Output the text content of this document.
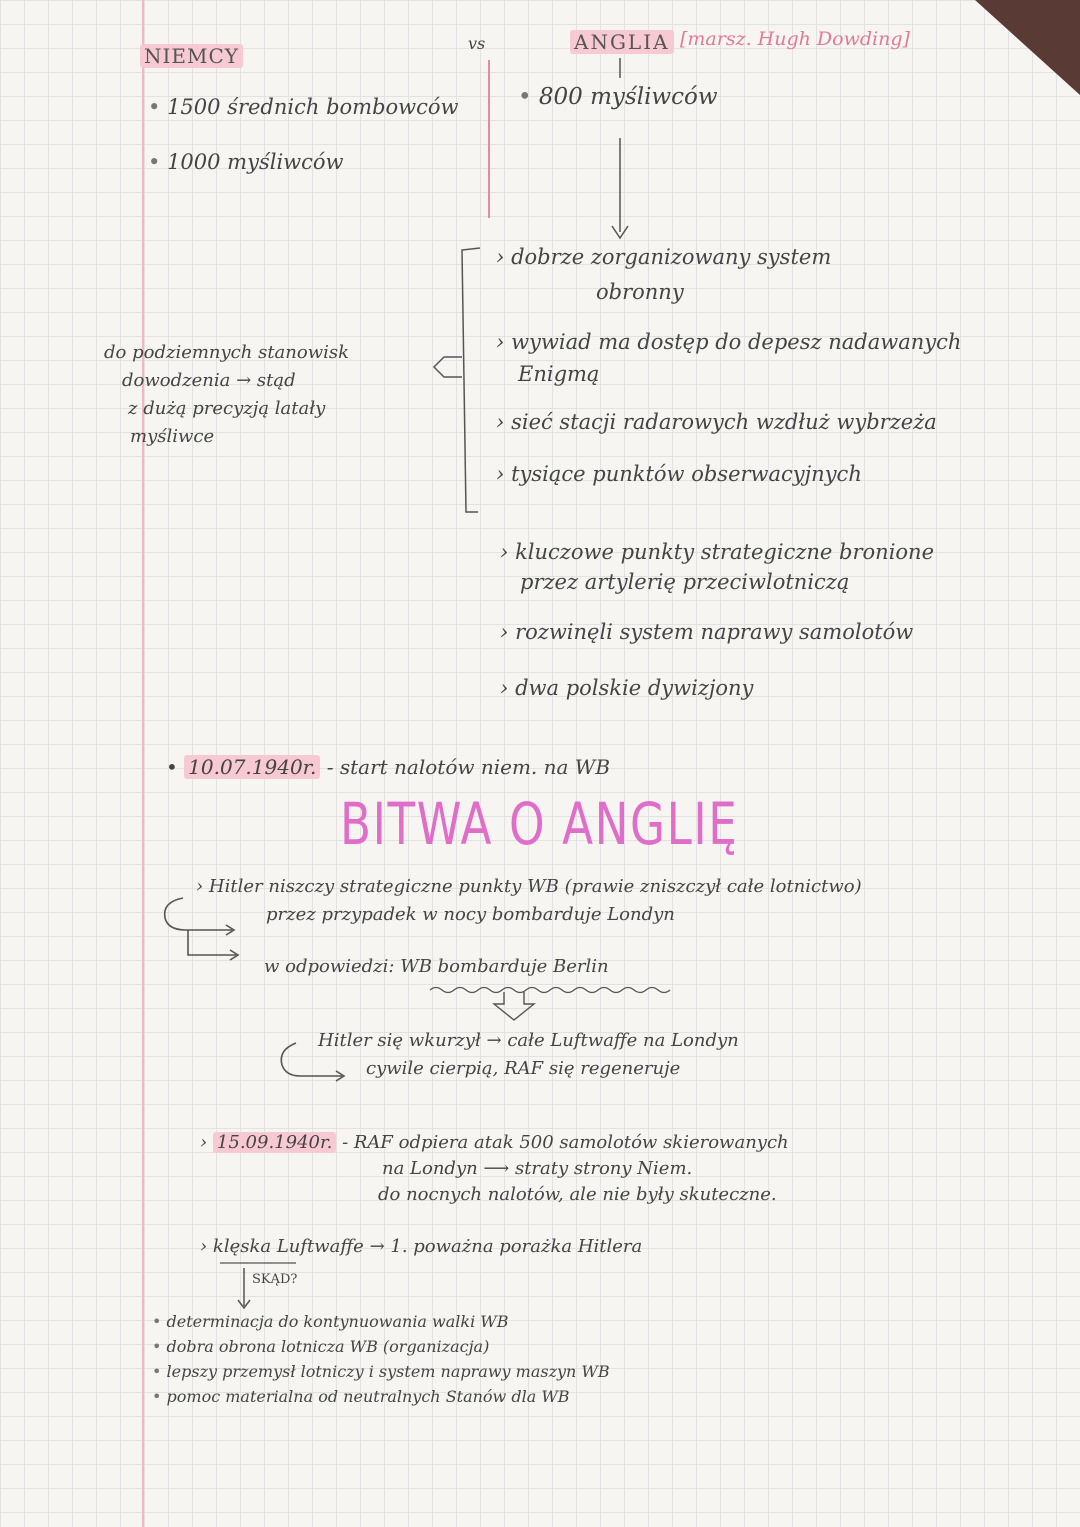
NIEMCY
vs
• 1500 średnich bombowców
• 1000 myśliwców
ANGLIA [marsz. Hugh Dowding]
• 800 myśliwców
› dobrze zorganizowany system
obronny
› wywiad ma dostęp do depesz nadawanych
Enigmą
› sieć stacji radarowych wzdłuż wybrzeża
› tysiące punktów obserwacyjnych
do podziemnych stanowisk
dowodzenia → stąd
z dużą precyzją latały
myśliwce
› kluczowe punkty strategiczne bronione
przez artylerię przeciwlotniczą
› rozwinęli system naprawy samolotów
› dwa polskie dywizjony
• 10.07.1940r. - start nalotów niem. na WB
BITWA O ANGLIĘ
› Hitler niszczy strategiczne punkty WB (prawie zniszczył całe lotnictwo)
przez przypadek w nocy bombarduje Londyn
w odpowiedzi: WB bombarduje Berlin
Hitler się wkurzył → całe Luftwaffe na Londyn
cywile cierpią, RAF się regeneruje
› 15.09.1940r. - RAF odpiera atak 500 samolotów skierowanych
na Londyn ⟶ straty strony Niem.
do nocnych nalotów, ale nie były skuteczne.
› klęska Luftwaffe → 1. poważna porażka Hitlera
SKĄD?
• determinacja do kontynuowania walki WB
• dobra obrona lotnicza WB (organizacja)
• lepszy przemysł lotniczy i system naprawy maszyn WB
• pomoc materialna od neutralnych Stanów dla WB
